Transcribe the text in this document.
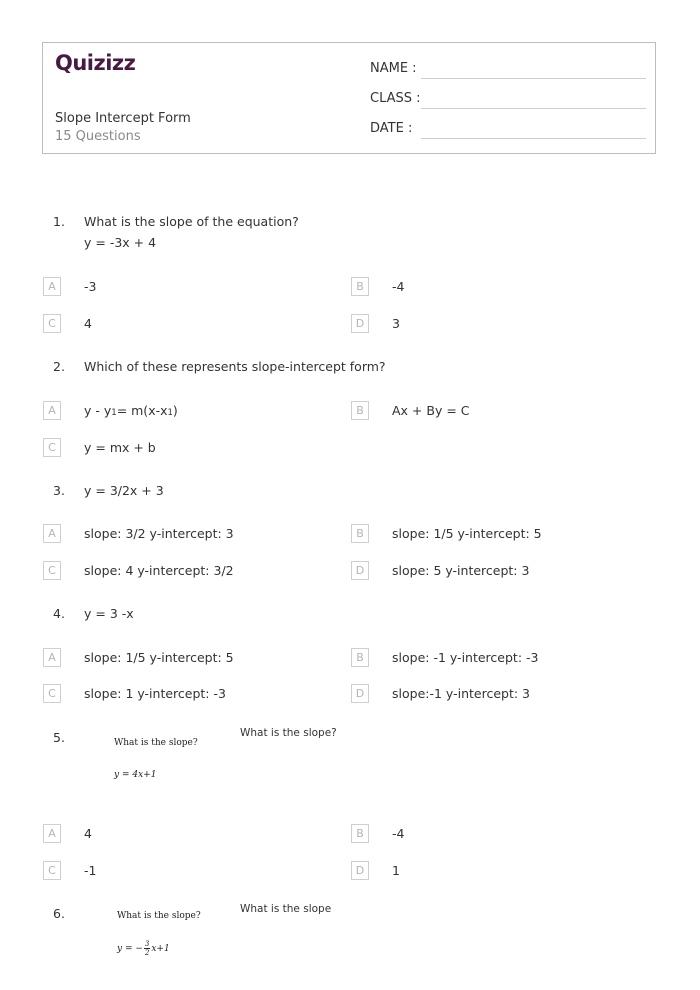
Quizizz
Slope Intercept Form
15 Questions
NAME :
CLASS :
DATE :
1. What is the slope of the equation?
y = -3x + 4
A	-3	B	-4
C	4	D	3
2. Which of these represents slope-intercept form?
A	y - y1= m(x-x1)	B	Ax + By = C
C	y = mx + b
3. y = 3/2x + 3
A	slope: 3/2 y-intercept: 3	B	slope: 1/5 y-intercept: 5
C	slope: 4 y-intercept: 3/2	D	slope: 5 y-intercept: 3
4. y = 3 -x
A	slope: 1/5 y-intercept: 5	B	slope: -1 y-intercept: -3
C	slope: 1 y-intercept: -3	D	slope:-1 y-intercept: 3
5.	What is the slope?
y = 4x+1
What is the slope?
A	4	B	-4
C	-1	D	1
6.	What is the slope?
y = − $\frac{3}{2} x+1$
What is the slope
